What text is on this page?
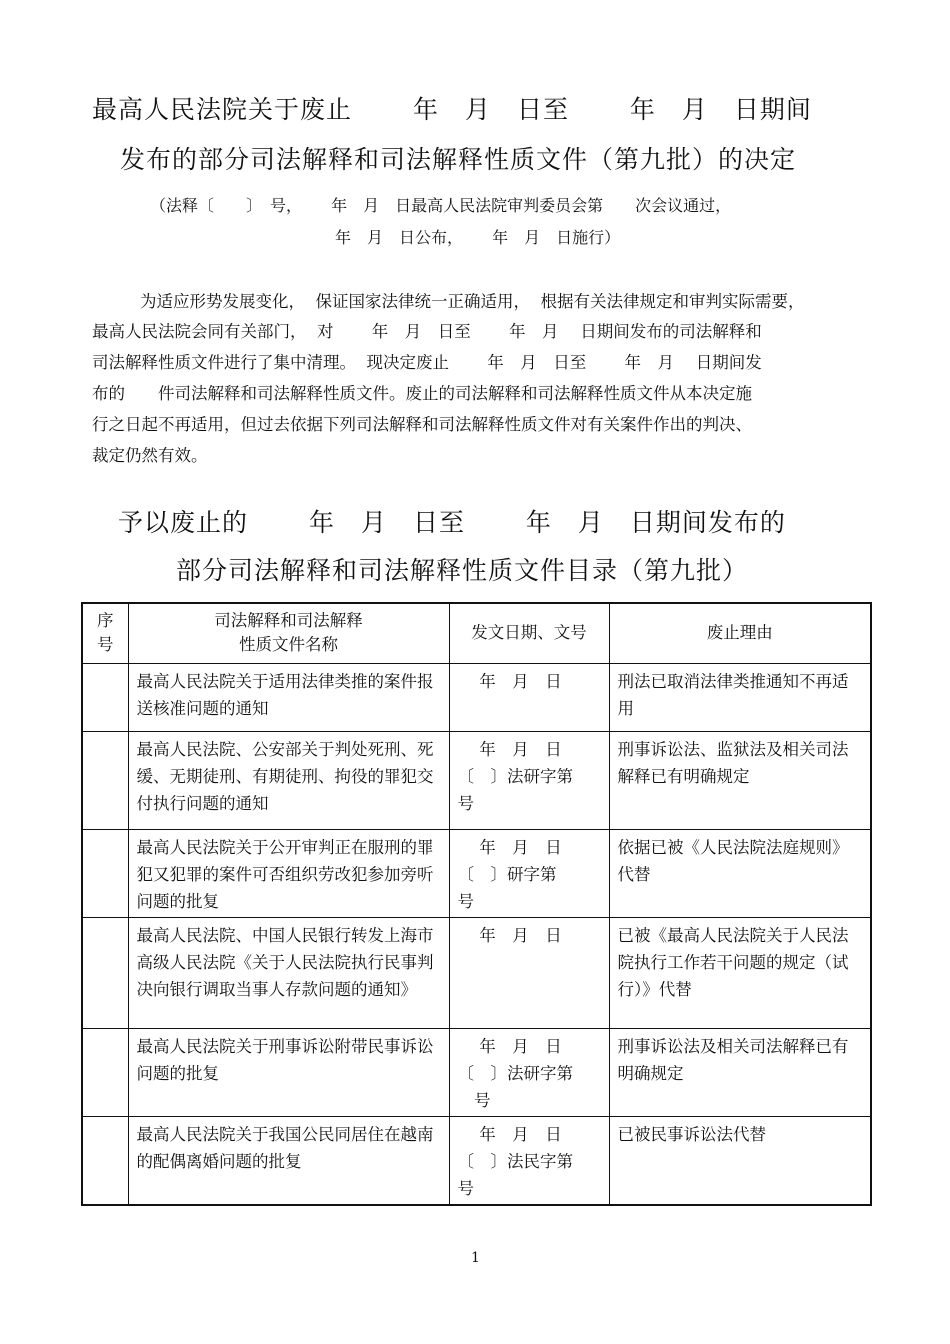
最高人民法院关于废止　　 年　月　日至　　 年　月　日期间
发布的部分司法解释和司法解释性质文件（第九批）的决定
（法释〔　　〕　号，　　 年　月　日最高人民法院审判委员会第　　次会议通过，
年　月　日公布，　　 年　月　日施行）
为适应形势发展变化，  保证国家法律统一正确适用，  根据有关法律规定和审判实际需要，
最高人民法院会同有关部门，  对　　 年　月　日至　　 年　月　 日期间发布的司法解释和
司法解释性质文件进行了集中清理。  现决定废止　　 年　月　日至　　 年　月　 日期间发
布的　　件司法解释和司法解释性质文件。废止的司法解释和司法解释性质文件从本决定施
行之日起不再适用，但过去依据下列司法解释和司法解释性质文件对有关案件作出的判决、
裁定仍然有效。
予以废止的　　 年　月　日至　　 年　月　日期间发布的
部分司法解释和司法解释性质文件目录（第九批）
序
号	司法解释和司法解释
性质文件名称	发文日期、文号	废止理由
	最高人民法院关于适用法律类推的案件报送核准问题的通知	　 年　月　日	刑法已取消法律类推通知不再适用
	最高人民法院、公安部关于判处死刑、死缓、无期徒刑、有期徒刑、拘役的罪犯交付执行问题的通知	　 年　月　日
〔　〕法研字第
号	刑事诉讼法、监狱法及相关司法解释已有明确规定
	最高人民法院关于公开审判正在服刑的罪犯又犯罪的案件可否组织劳改犯参加旁听问题的批复	　 年　月　日
〔　〕研字第
号	依据已被《人民法院法庭规则》代替
	最高人民法院、中国人民银行转发上海市高级人民法院《关于人民法院执行民事判决向银行调取当事人存款问题的通知》	　 年　月　日	已被《最高人民法院关于人民法院执行工作若干问题的规定（试行）》代替
	最高人民法院关于刑事诉讼附带民事诉讼问题的批复	　 年　月　日
〔　〕法研字第
　号	刑事诉讼法及相关司法解释已有明确规定
	最高人民法院关于我国公民同居住在越南的配偶离婚问题的批复	　 年　月　日
〔　〕法民字第
号	已被民事诉讼法代替
1
